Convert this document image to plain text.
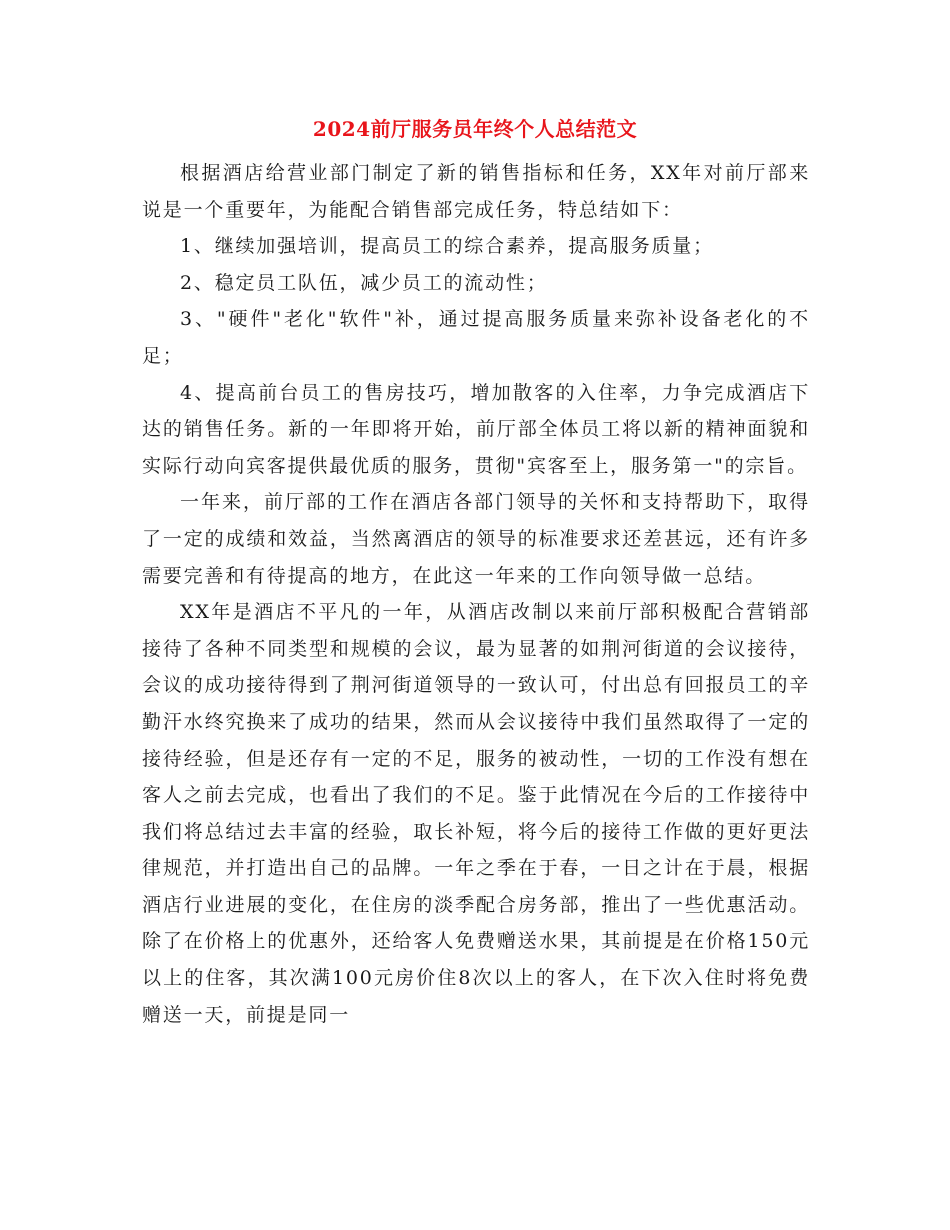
2024前厅服务员年终个人总结范文

根据酒店给营业部门制定了新的销售指标和任务，XX年对前厅部来说是一个重要年，为能配合销售部完成任务，特总结如下：

1、继续加强培训，提高员工的综合素养，提高服务质量；

2、稳定员工队伍，减少员工的流动性；

3、"硬件"老化"软件"补，通过提高服务质量来弥补设备老化的不足；

4、提高前台员工的售房技巧，增加散客的入住率，力争完成酒店下达的销售任务。新的一年即将开始，前厅部全体员工将以新的精神面貌和实际行动向宾客提供最优质的服务，贯彻"宾客至上，服务第一"的宗旨。

一年来，前厅部的工作在酒店各部门领导的关怀和支持帮助下，取得了一定的成绩和效益，当然离酒店的领导的标准要求还差甚远，还有许多需要完善和有待提高的地方，在此这一年来的工作向领导做一总结。

XX年是酒店不平凡的一年，从酒店改制以来前厅部积极配合营销部接待了各种不同类型和规模的会议，最为显著的如荆河街道的会议接待，会议的成功接待得到了荆河街道领导的一致认可，付出总有回报员工的辛勤汗水终究换来了成功的结果，然而从会议接待中我们虽然取得了一定的接待经验，但是还存有一定的不足，服务的被动性，一切的工作没有想在客人之前去完成，也看出了我们的不足。鉴于此情况在今后的工作接待中我们将总结过去丰富的经验，取长补短，将今后的接待工作做的更好更法律规范，并打造出自己的品牌。一年之季在于春，一日之计在于晨，根据酒店行业进展的变化，在住房的淡季配合房务部，推出了一些优惠活动。除了在价格上的优惠外，还给客人免费赠送水果，其前提是在价格150元以上的住客，其次满100元房价住8次以上的客人，在下次入住时将免费赠送一天，前提是同一
